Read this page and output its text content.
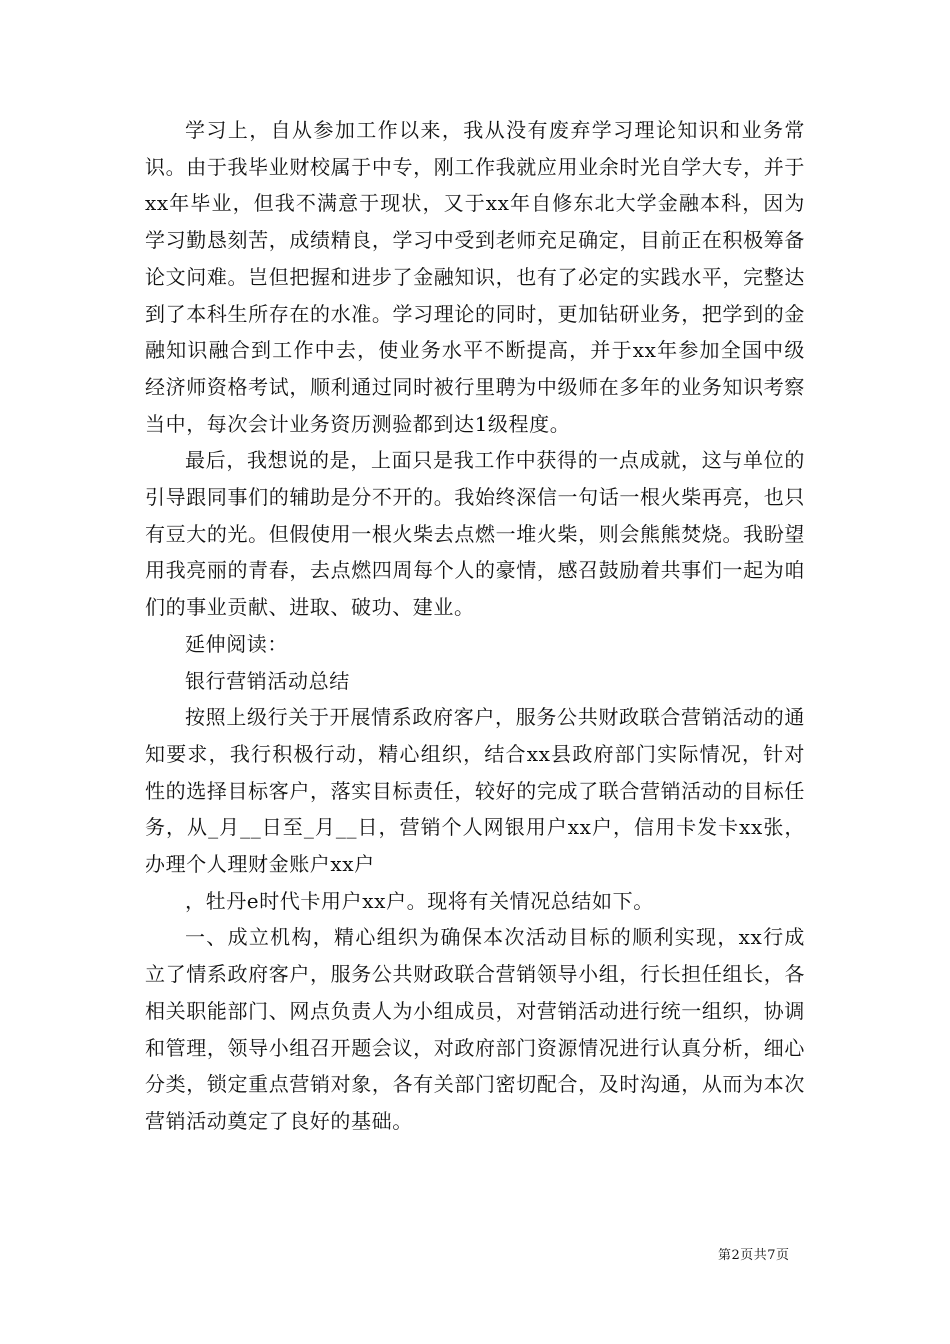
学习上，自从参加工作以来，我从没有废弃学习理论知识和业务常识。由于我毕业财校属于中专，刚工作我就应用业余时光自学大专，并于xx年毕业，但我不满意于现状，又于xx年自修东北大学金融本科，因为学习勤恳刻苦，成绩精良，学习中受到老师充足确定，目前正在积极筹备论文问难。岂但把握和进步了金融知识，也有了必定的实践水平，完整达到了本科生所存在的水准。学习理论的同时，更加钻研业务，把学到的金融知识融合到工作中去，使业务水平不断提高，并于xx年参加全国中级经济师资格考试，顺利通过同时被行里聘为中级师在多年的业务知识考察当中，每次会计业务资历测验都到达1级程度。

最后，我想说的是，上面只是我工作中获得的一点成就，这与单位的引导跟同事们的辅助是分不开的。我始终深信一句话一根火柴再亮，也只有豆大的光。但假使用一根火柴去点燃一堆火柴，则会熊熊焚烧。我盼望用我亮丽的青春，去点燃四周每个人的豪情，感召鼓励着共事们一起为咱们的事业贡献、进取、破功、建业。

延伸阅读：

银行营销活动总结

按照上级行关于开展情系政府客户，服务公共财政联合营销活动的通知要求，我行积极行动，精心组织，结合xx县政府部门实际情况，针对性的选择目标客户，落实目标责任，较好的完成了联合营销活动的目标任务，从_月__日至_月__日，营销个人网银用户xx户，信用卡发卡xx张，办理个人理财金账户xx户

，牡丹e时代卡用户xx户。现将有关情况总结如下。

一、成立机构，精心组织为确保本次活动目标的顺利实现，xx行成立了情系政府客户，服务公共财政联合营销领导小组，行长担任组长，各相关职能部门、网点负责人为小组成员，对营销活动进行统一组织，协调和管理，领导小组召开题会议，对政府部门资源情况进行认真分析，细心分类，锁定重点营销对象，各有关部门密切配合，及时沟通，从而为本次营销活动奠定了良好的基础。

第2页共7页
